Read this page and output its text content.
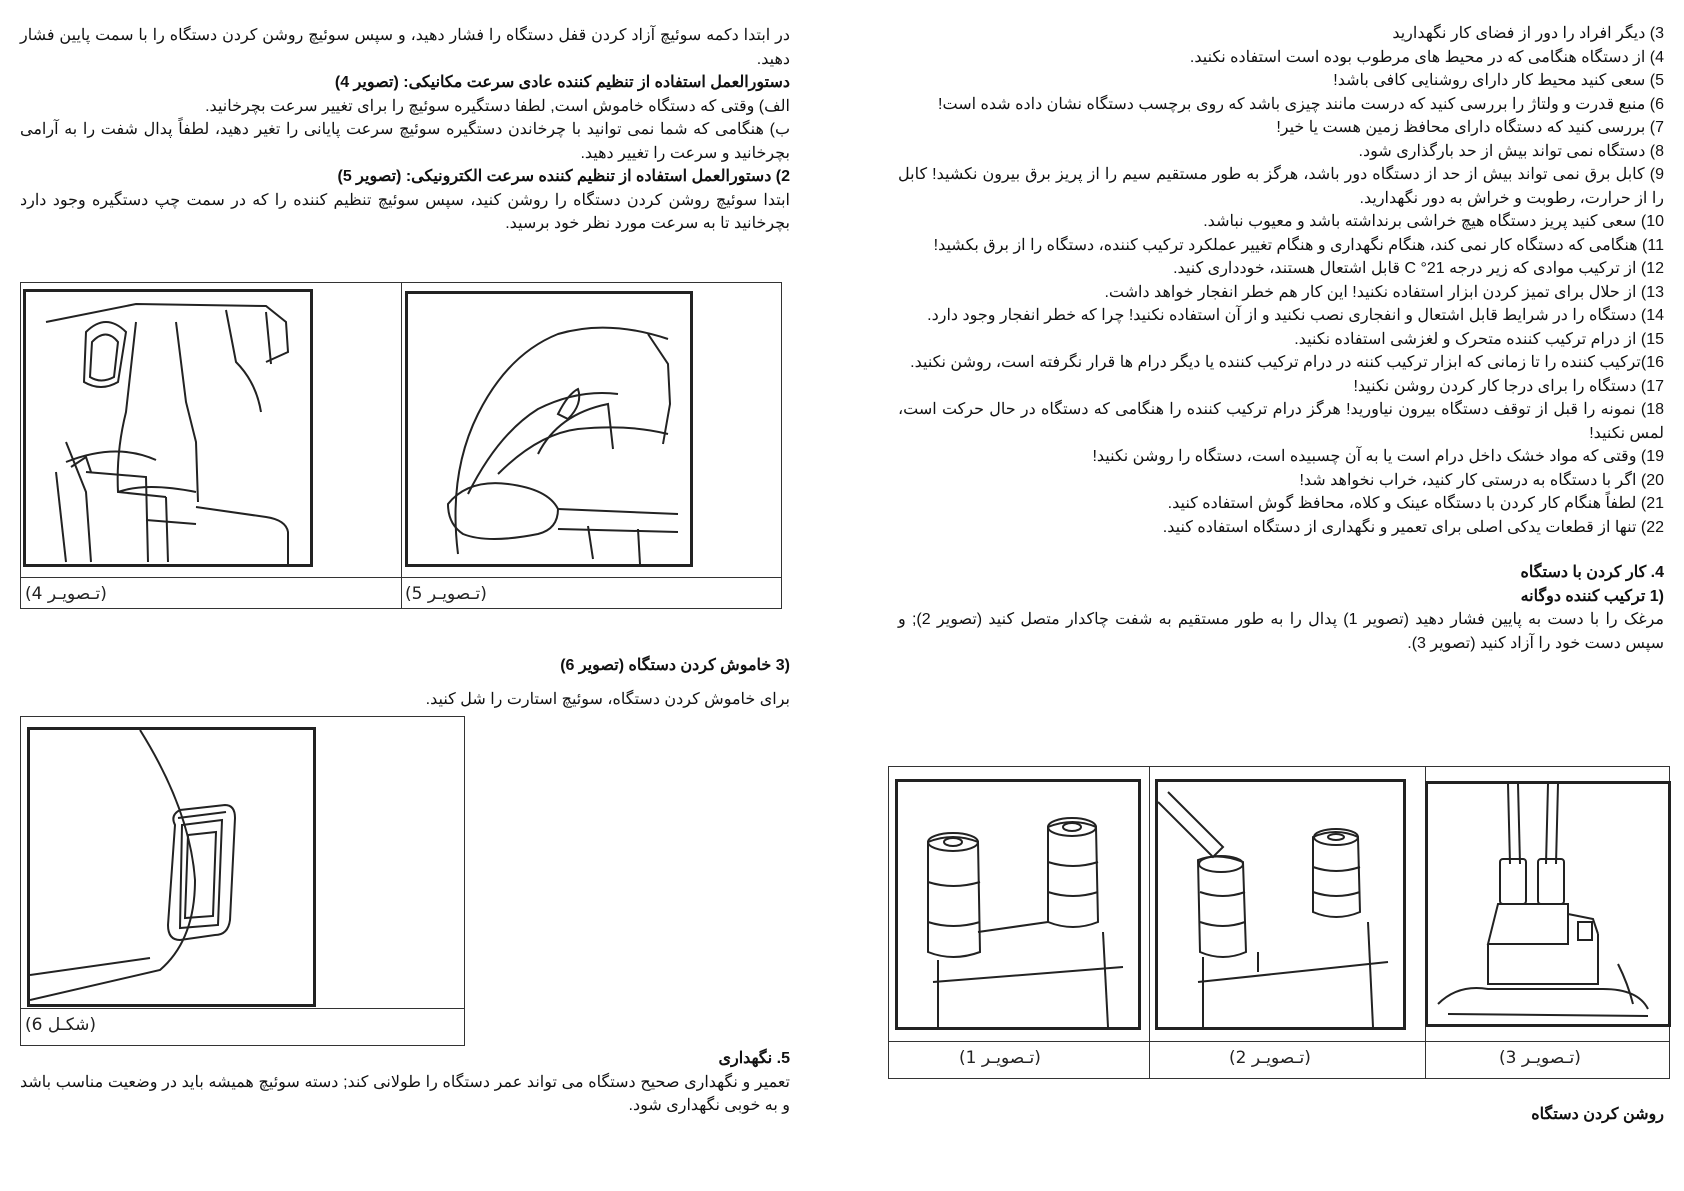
در ابتدا دکمه سوئیچ آزاد کردن قفل دستگاه را فشار دهید، و سپس سوئیچ روشن کردن دستگاه را با سمت پایین فشار دهید.

دستورالعمل استفاده از تنظیم کننده عادی سرعت مکانیکی: (تصویر 4)

الف) وقتی که دستگاه خاموش است, لطفا دستگیره سوئیچ را برای تغییر سرعت بچرخانید.

ب) هنگامی که شما نمی توانید با چرخاندن دستگیره سوئیچ سرعت پایانی را تغیر دهید، لطفاً پدال شفت را به آرامی بچرخانید و سرعت را تغییر دهید.

2) دستورالعمل استفاده از تنظیم کننده سرعت الکترونیکی: (تصویر 5)

ابتدا سوئیچ روشن کردن دستگاه را روشن کنید، سپس سوئیچ تنظیم کننده را که در سمت چپ دستگیره وجود دارد بچرخانید تا به سرعت مورد نظر خود برسید.

(تـصویـر 4)	(تـصویـر 5)

(3 خاموش کردن دستگاه (تصویر 6)

برای خاموش کردن دستگاه، سوئیچ استارت را شل کنید.

(شکـل 6)

5. نگهداری

تعمیر و نگهداری صحیح دستگاه می تواند عمر دستگاه را طولانی کند; دسته سوئیچ همیشه باید در وضعیت مناسب باشد و به خوبی نگهداری شود.

3) دیگر افراد را دور از فضای کار نگهدارید

4) از دستگاه هنگامی که در محیط های مرطوب بوده است استفاده نکنید.

5) سعی کنید محیط کار دارای روشنایی کافی باشد!

6) منبع قدرت و ولتاژ را بررسی کنید که درست مانند چیزی باشد که روی برچسب دستگاه نشان داده شده است!

7) بررسی کنید که دستگاه دارای محافظ زمین هست یا خیر!

8) دستگاه نمی تواند بیش از حد بارگذاری شود.

9) کابل برق نمی تواند بیش از حد از دستگاه دور باشد، هرگز به طور مستقیم سیم را از پریز برق بیرون نکشید! کابل را از حرارت، رطوبت و خراش به دور نگهدارید.

10) سعی کنید پریز دستگاه هیچ خراشی برنداشته باشد و معیوب نباشد.

11) هنگامی که دستگاه کار نمی کند، هنگام نگهداری و هنگام تغییر عملکرد ترکیب کننده، دستگاه را از برق بکشید!

12) از ترکیب موادی که زیر درجه 21° C قابل اشتعال هستند، خودداری کنید.

13) از حلال برای تمیز کردن ابزار استفاده نکنید! این کار هم خطر انفجار خواهد داشت.

14) دستگاه را در شرایط قابل اشتعال و انفجاری نصب نکنید و از آن استفاده نکنید! چرا که خطر انفجار وجود دارد.

15) از درام ترکیب کننده متحرک و لغزشی استفاده نکنید.

16)ترکیب کننده را تا زمانی که ابزار ترکیب کننه در درام ترکیب کننده یا دیگر درام ها قرار نگرفته است، روشن نکنید.

17) دستگاه را برای درجا کار کردن روشن نکنید!

18) نمونه را قبل از توقف دستگاه بیرون نیاورید! هرگز درام ترکیب کننده را هنگامی که دستگاه در حال حرکت است، لمس نکنید!

19) وقتی که مواد خشک داخل درام است یا به آن چسبیده است، دستگاه را روشن نکنید!

20) اگر با دستگاه به درستی کار کنید، خراب نخواهد شد!

21) لطفاً هنگام کار کردن با دستگاه عینک و کلاه، محافظ گوش استفاده کنید.

22) تنها از قطعات یدکی اصلی برای تعمیر و نگهداری از دستگاه استفاده کنید.

4. کار کردن با دستگاه

(1 ترکیب کننده دوگانه

مرغک را با دست به پایین فشار دهید (تصویر 1) پدال را به طور مستقیم به شفت چاکدار متصل کنید (تصویر 2); و سپس دست خود را آزاد کنید (تصویر 3).

(تـصویـر 1)	(تـصویـر 2)	(تـصویـر 3)

روشن کردن دستگاه
